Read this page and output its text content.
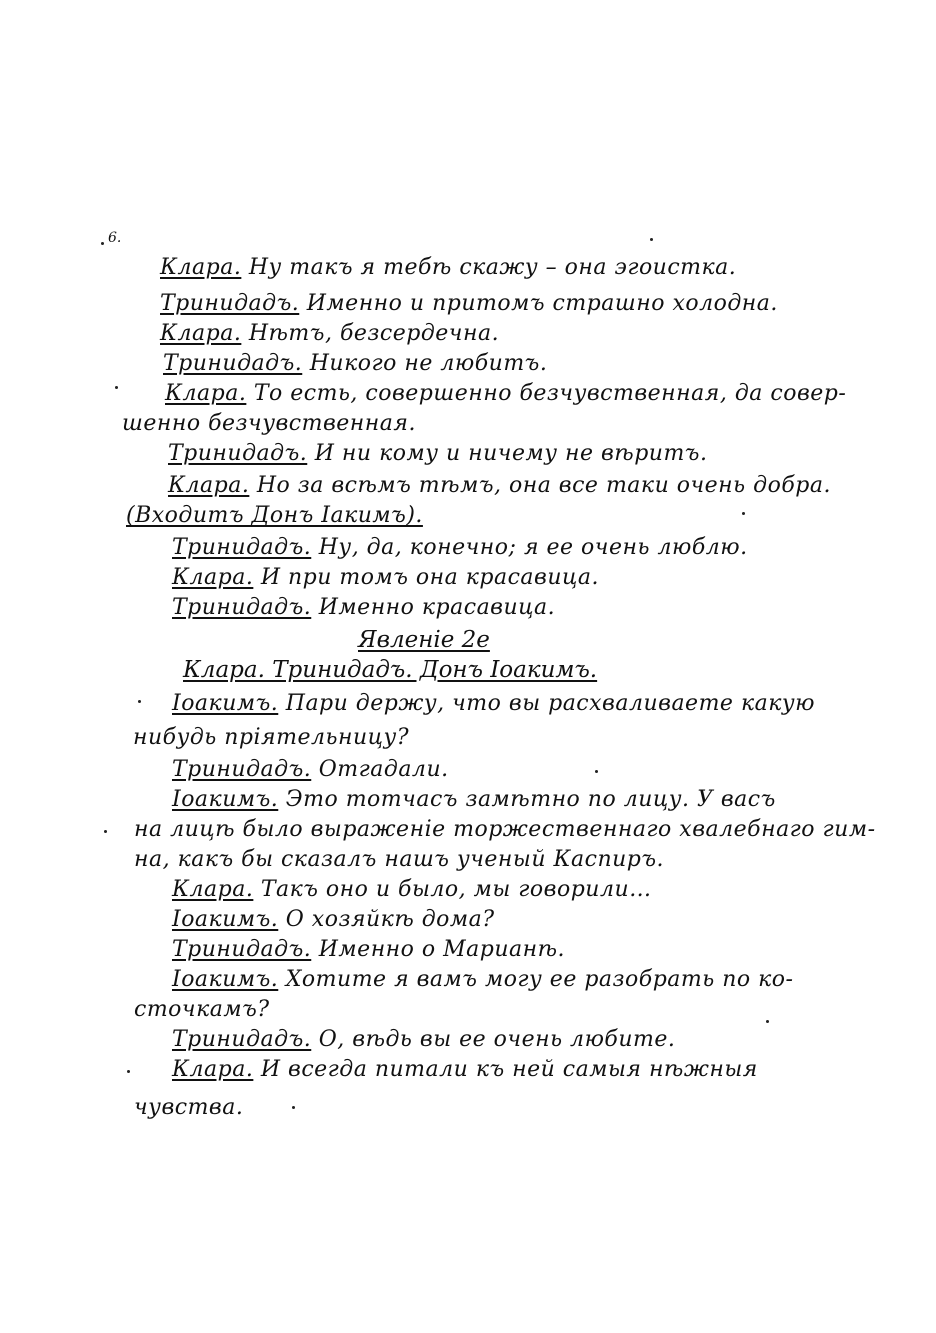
6.
Клара. Ну такъ я тебѣ скажу – она эгоистка.
Тринидадъ. Именно и притомъ страшно холодна.
Клара. Нѣтъ, безсердечна.
Тринидадъ. Никого не любитъ.
Клара. То есть, совершенно безчувственная, да совер-
шенно безчувственная.
Тринидадъ. И ни кому и ничему не вѣритъ.
Клара. Но за всѣмъ тѣмъ, она все таки очень добра.
(Входитъ Донъ Іакимъ).
Тринидадъ. Ну, да, конечно; я ее очень люблю.
Клара. И при томъ она красавица.
Тринидадъ. Именно красавица.
Явленіе 2е
Клара. Тринидадъ. Донъ Іоакимъ.
Іоакимъ. Пари держу, что вы расхваливаете какую
нибудь пріятельницу?
Тринидадъ. Отгадали.
Іоакимъ. Это тотчасъ замѣтно по лицу. У васъ
на лицѣ было выраженіе торжественнаго хвалебнаго гим-
на, какъ бы сказалъ нашъ ученый Каспиръ.
Клара. Такъ оно и было, мы говорили…
Іоакимъ. О хозяйкѣ дома?
Тринидадъ. Именно о Марианѣ.
Іоакимъ. Хотите я вамъ могу ее разобрать по ко-
сточкамъ?
Тринидадъ. О, вѣдь вы ее очень любите.
Клара. И всегда питали къ ней самыя нѣжныя
чувства.
